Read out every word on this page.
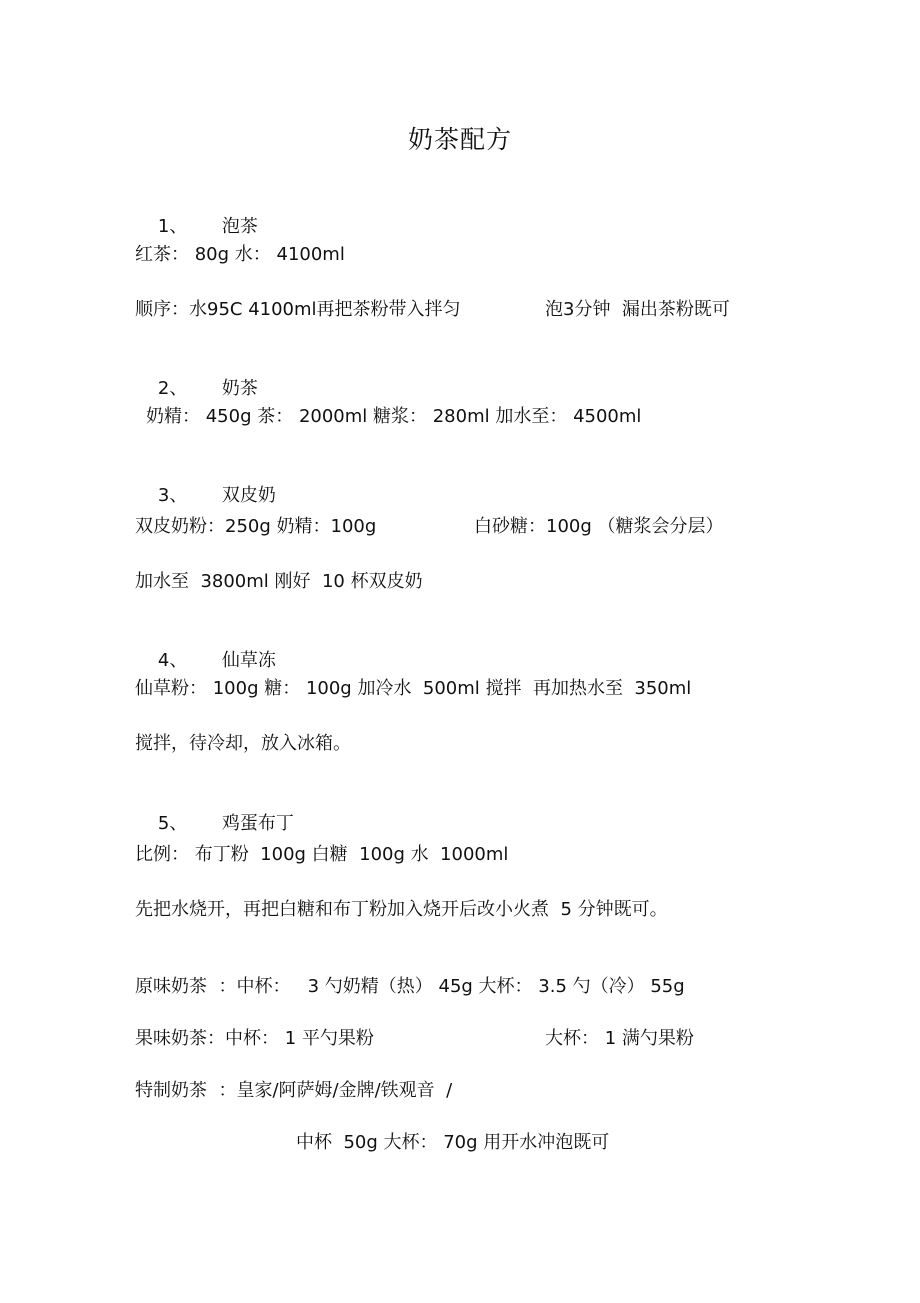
奶茶配方

1、 泡茶

红茶： 80g 水： 4100ml
顺序：水95C 4100ml再把茶粉带入拌匀	泡3分钟  漏出茶粉既可

2、 奶茶

奶精： 450g 茶： 2000ml 糖浆： 280ml 加水至： 4500ml

3、 双皮奶

双皮奶粉：250g 奶精：100g	白砂糖：100g （糖浆会分层）
加水至  3800ml 刚好  10 杯双皮奶

4、 仙草冻

仙草粉： 100g 糖： 100g 加冷水  500ml 搅拌  再加热水至  350ml
搅拌，待冷却，放入冰箱。

5、 鸡蛋布丁

比例： 布丁粉  100g 白糖  100g 水  1000ml
先把水烧开，再把白糖和布丁粉加入烧开后改小火煮  5 分钟既可。
原味奶茶  ：中杯：   3 勺奶精（热） 45g 大杯： 3.5 勺（冷） 55g
果味奶茶：中杯： 1 平勺果粉	大杯： 1 满勺果粉
特制奶茶  ：皇家/阿萨姆/金牌/铁观音  /
中杯  50g 大杯： 70g 用开水冲泡既可
